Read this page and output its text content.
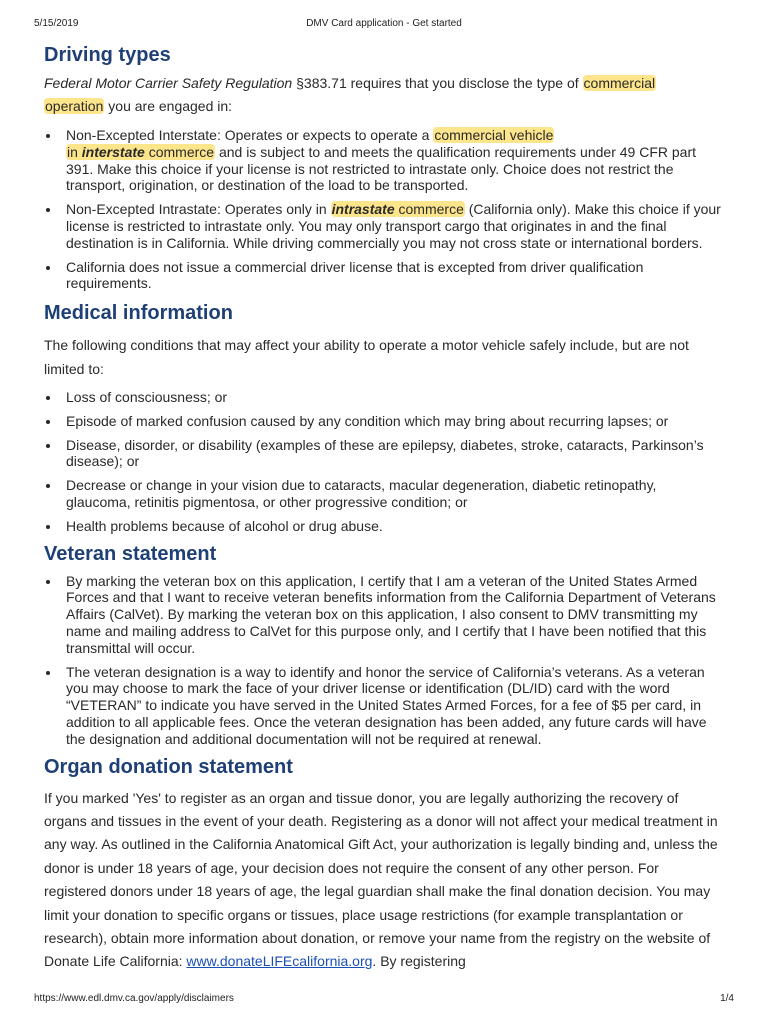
5/15/2019	DMV Card application - Get started
Driving types

Federal Motor Carrier Safety Regulation §383.71 requires that you disclose the type of commercial
operation you are engaged in:

Non-Excepted Interstate: Operates or expects to operate a commercial vehicle
in interstate commerce and is subject to and meets the qualification requirements under 49 CFR part 391. Make this choice if your license is not restricted to intrastate only. Choice does not restrict the transport, origination, or destination of the load to be transported.
Non-Excepted Intrastate: Operates only in intrastate commerce (California only). Make this choice if your license is restricted to intrastate only. You may only transport cargo that originates in and the final destination is in California. While driving commercially you may not cross state or international borders.
California does not issue a commercial driver license that is excepted from driver qualification requirements.
Medical information

The following conditions that may affect your ability to operate a motor vehicle safely include, but are not limited to:

Loss of consciousness; or
Episode of marked confusion caused by any condition which may bring about recurring lapses; or
Disease, disorder, or disability (examples of these are epilepsy, diabetes, stroke, cataracts, Parkinson’s disease); or
Decrease or change in your vision due to cataracts, macular degeneration, diabetic retinopathy, glaucoma, retinitis pigmentosa, or other progressive condition; or
Health problems because of alcohol or drug abuse.
Veteran statement
By marking the veteran box on this application, I certify that I am a veteran of the United States Armed Forces and that I want to receive veteran benefits information from the California Department of Veterans Affairs (CalVet). By marking the veteran box on this application, I also consent to DMV transmitting my name and mailing address to CalVet for this purpose only, and I certify that I have been notified that this transmittal will occur.
The veteran designation is a way to identify and honor the service of California’s veterans. As a veteran you may choose to mark the face of your driver license or identification (DL/ID) card with the word “VETERAN” to indicate you have served in the United States Armed Forces, for a fee of $5 per card, in addition to all applicable fees. Once the veteran designation has been added, any future cards will have the designation and additional documentation will not be required at renewal.
Organ donation statement

If you marked 'Yes' to register as an organ and tissue donor, you are legally authorizing the recovery of organs and tissues in the event of your death. Registering as a donor will not affect your medical treatment in any way. As outlined in the California Anatomical Gift Act, your authorization is legally binding and, unless the donor is under 18 years of age, your decision does not require the consent of any other person. For registered donors under 18 years of age, the legal guardian shall make the final donation decision. You may limit your donation to specific organs or tissues, place usage restrictions (for example transplantation or research), obtain more information about donation, or remove your name from the registry on the website of Donate Life California: www.donateLIFEcalifornia.org. By registering

https://www.edl.dmv.ca.gov/apply/disclaimers	1/4
